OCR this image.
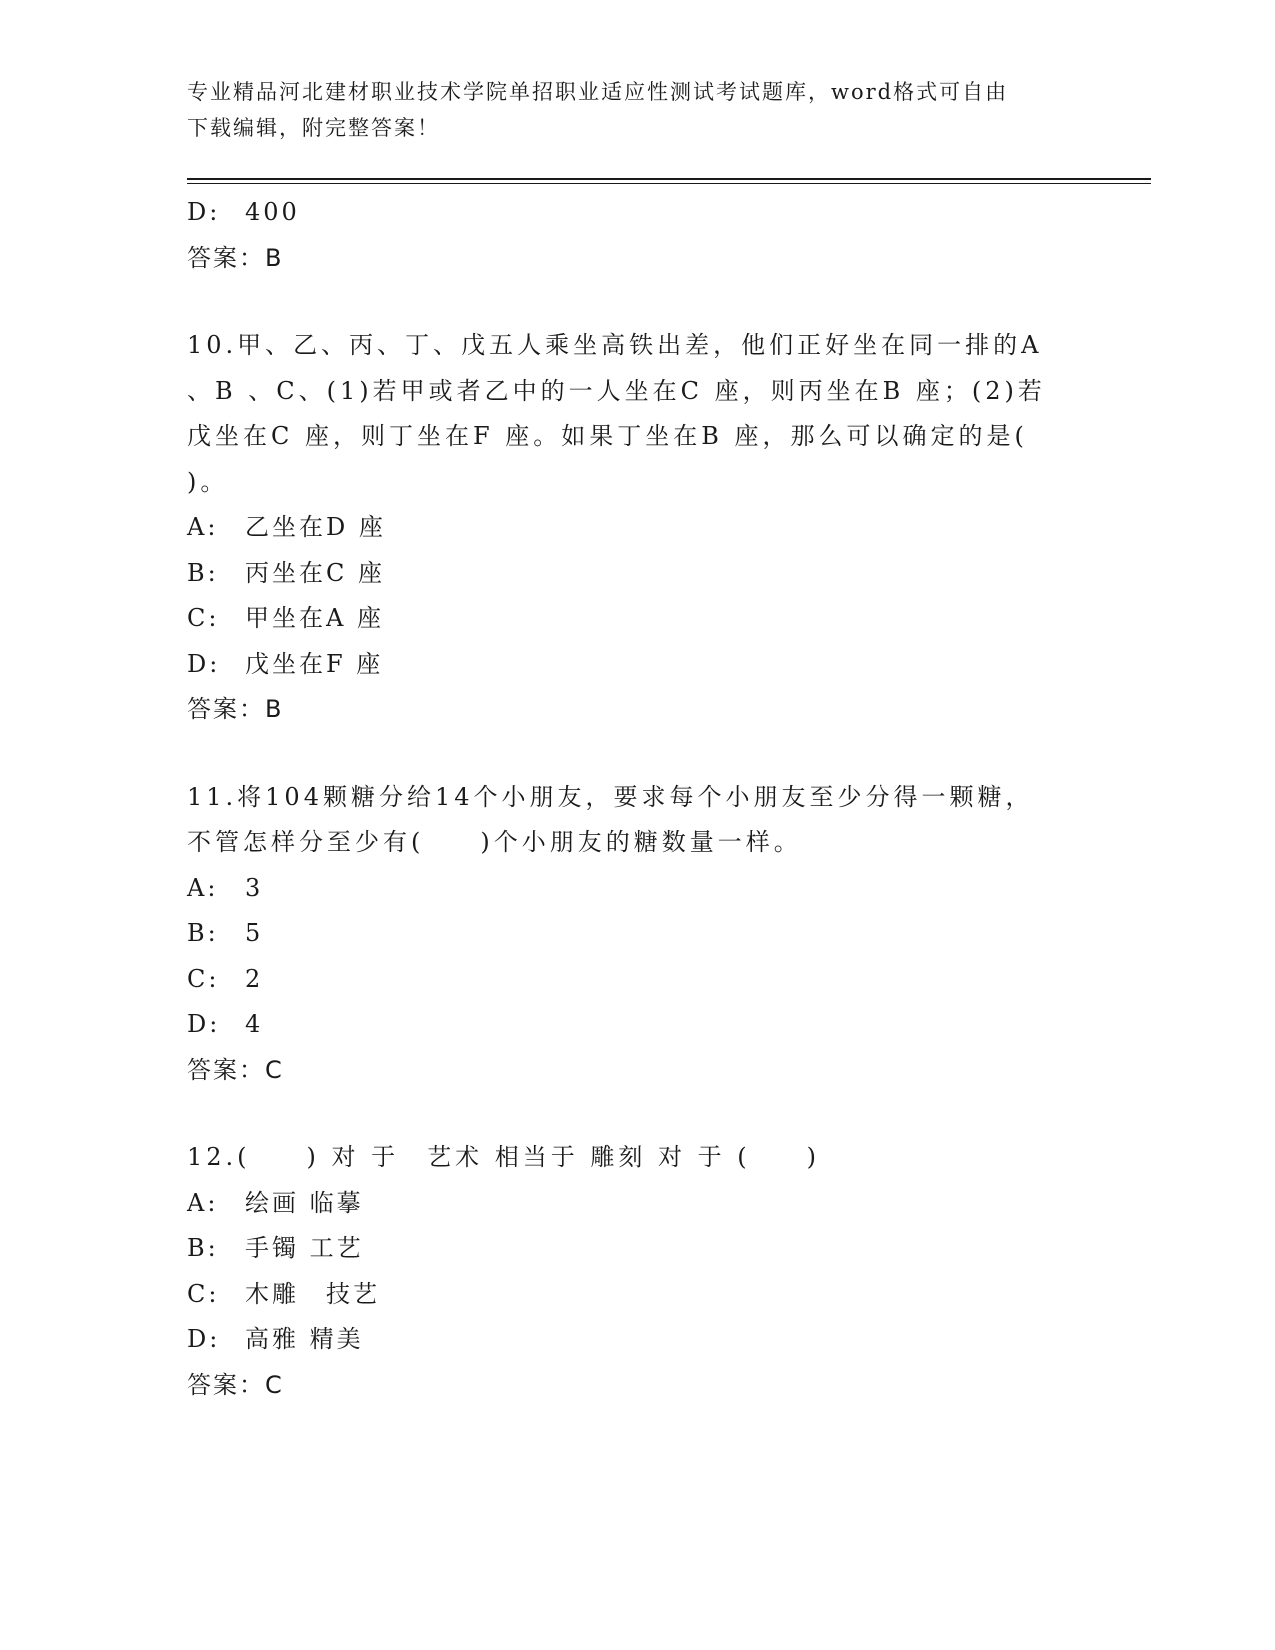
专业精品河北建材职业技术学院单招职业适应性测试考试题库，word格式可自由
下载编辑，附完整答案！
D: 400
答案：B
10.甲、乙、丙、丁、戊五人乘坐高铁出差，他们正好坐在同一排的A
、B 、C、(1)若甲或者乙中的一人坐在C 座，则丙坐在B 座；(2)若
戊坐在C 座，则丁坐在F 座。如果丁坐在B 座，那么可以确定的是(
)。
A: 乙坐在D 座
B: 丙坐在C 座
C: 甲坐在A 座
D: 戊坐在F 座
答案：B
11.将104颗糖分给14个小朋友，要求每个小朋友至少分得一颗糖，
不管怎样分至少有(　　)个小朋友的糖数量一样。
A: 3
B: 5
C: 2
D: 4
答案：C
12.(　　) 对 于　艺术 相当于 雕刻 对 于 (　　)
A: 绘画 临摹
B: 手镯 工艺
C: 木雕　技艺
D: 高雅 精美
答案：C
